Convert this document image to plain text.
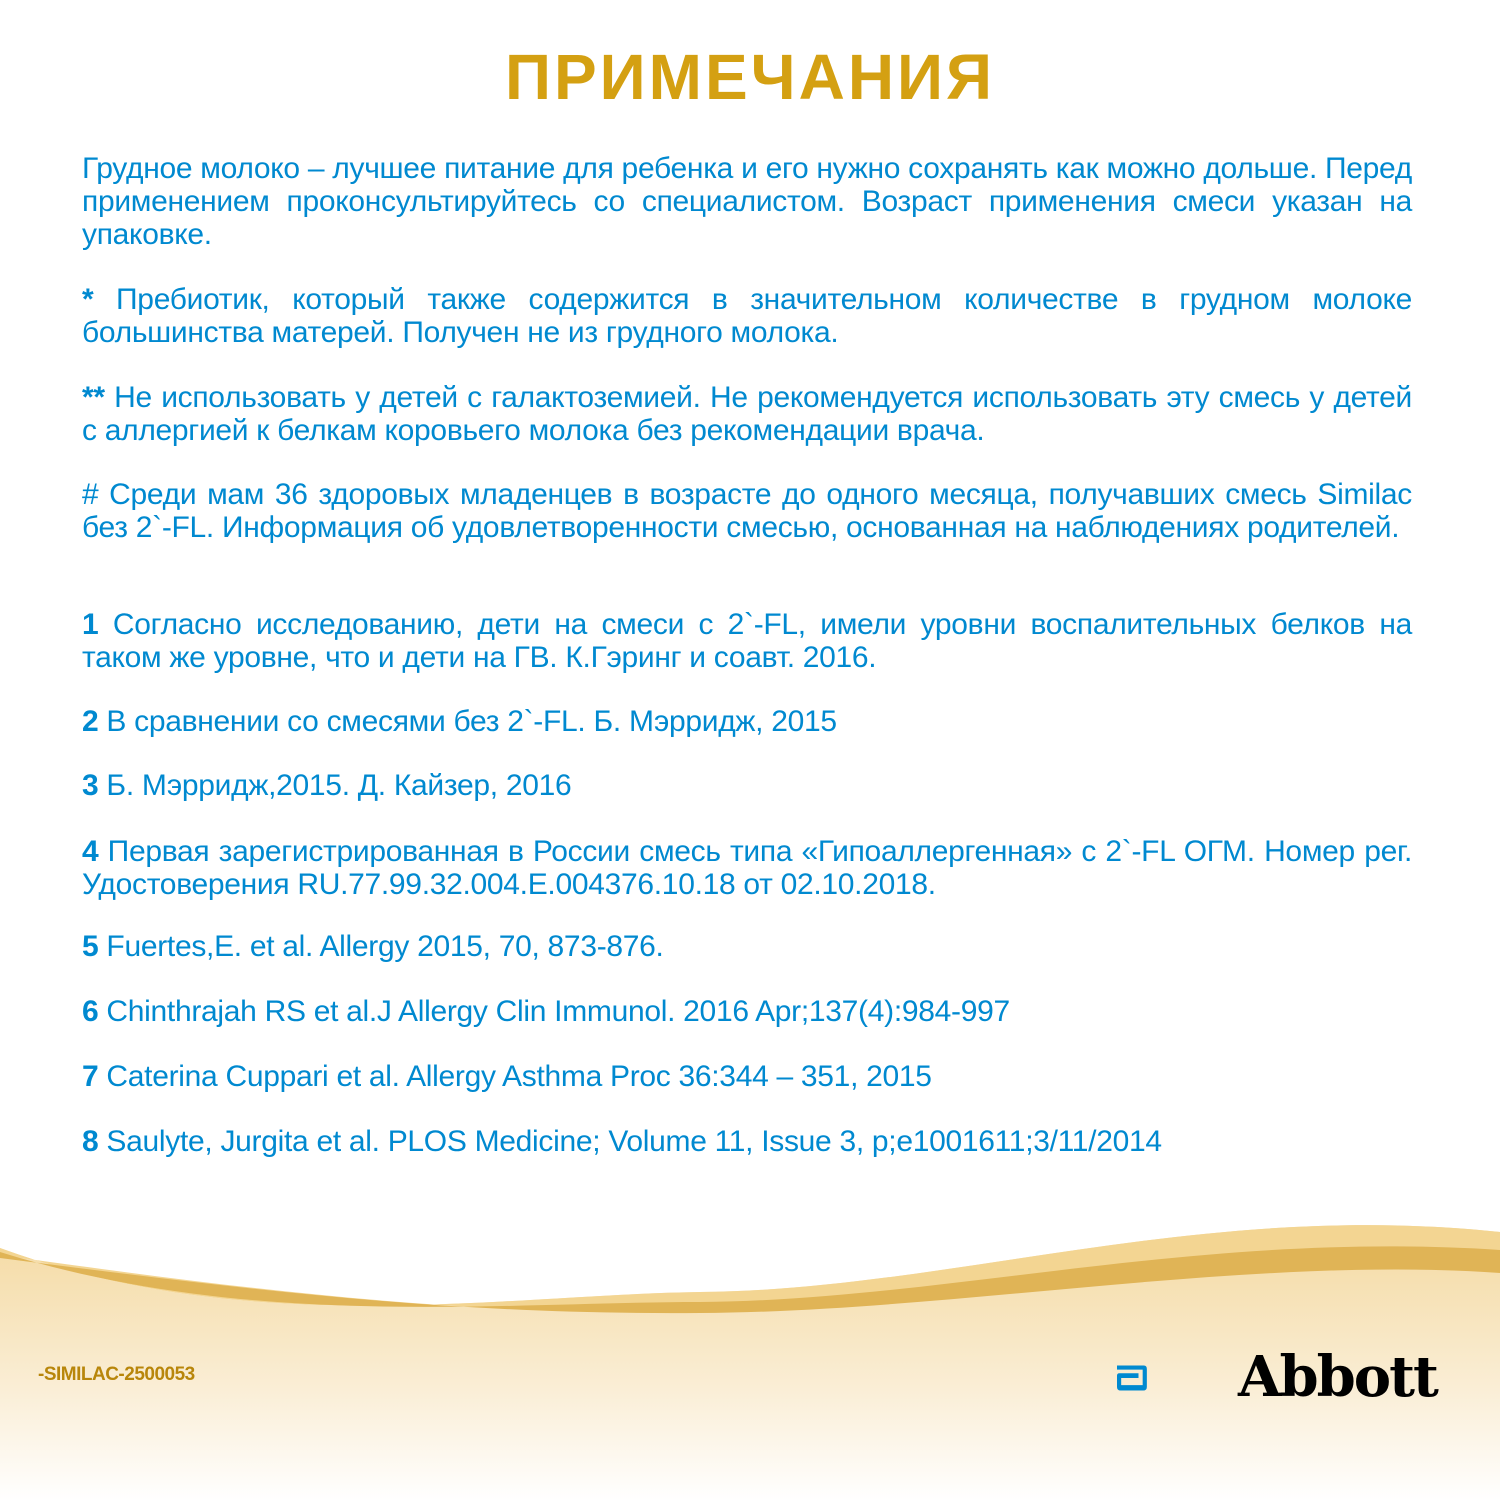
ПРИМЕЧАНИЯ
Грудное молоко – лучшее питание для ребенка и его нужно сохранять как можно дольше. Перед применением проконсультируйтесь со специалистом. Возраст применения смеси указан на упаковке.
* Пребиотик, который также содержится в значительном количестве в грудном молоке большинства матерей. Получен не из грудного молока.
** Не использовать у детей с галактоземией. Не рекомендуется использовать эту смесь у детей с аллергией к белкам коровьего молока без рекомендации врача.
# Среди мам 36 здоровых младенцев в возрасте до одного месяца, получавших смесь Similac без 2`-FL. Информация об удовлетворенности смесью, основанная на наблюдениях родителей.
1 Согласно исследованию, дети на смеси с 2`-FL, имели уровни воспалительных белков на таком же уровне, что и дети на ГВ. К.Гэринг и соавт. 2016.
2 В сравнении со смесями без 2`-FL. Б. Мэрридж, 2015
3 Б. Мэрридж,2015. Д. Кайзер, 2016
4 Первая зарегистрированная в России смесь типа «Гипоаллергенная» с 2`-FL ОГМ. Номер рег. Удостоверения RU.77.99.32.004.E.004376.10.18 от 02.10.2018.
5 Fuertes,E. et al. Allergy 2015, 70, 873-876.
6 Chinthrajah RS et al.J Allergy Clin Immunol. 2016 Apr;137(4):984-997
7 Caterina Cuppari et al. Allergy Asthma Proc 36:344 – 351, 2015
8 Saulyte, Jurgita et al. PLOS Medicine; Volume 11, Issue 3, p;e1001611;3/11/2014
-SIMILAC-2500053	Abbott
